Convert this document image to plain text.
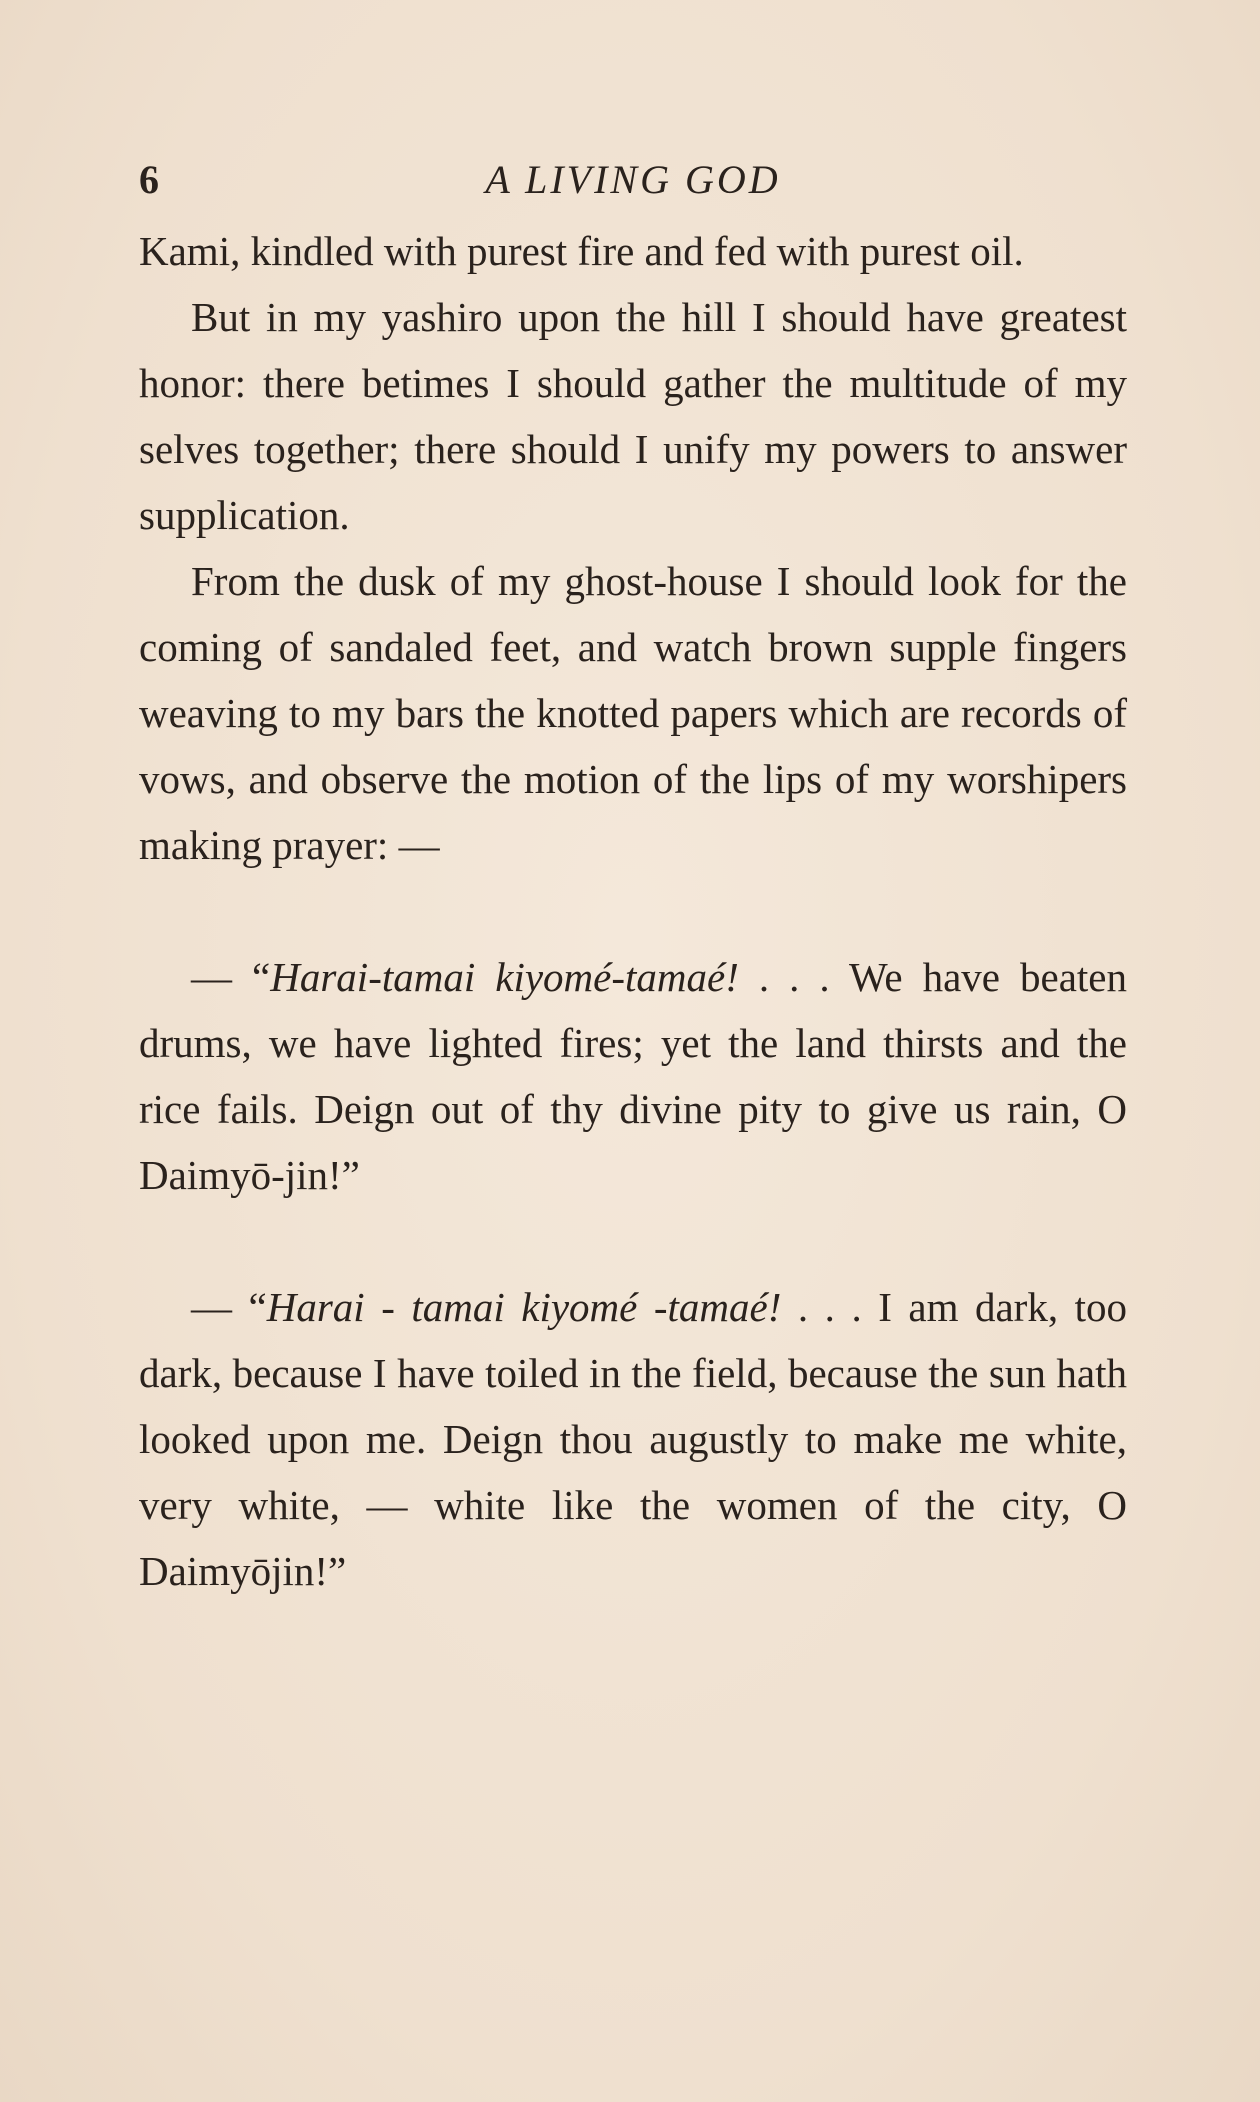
6	A LIVING GOD

Kami, kindled with purest fire and fed with purest oil.

But in my yashiro upon the hill I should have greatest honor: there betimes I should gather the multitude of my selves together; there should I unify my powers to answer supplication.

From the dusk of my ghost-house I should look for the coming of sandaled feet, and watch brown supple fingers weaving to my bars the knotted papers which are records of vows, and observe the motion of the lips of my worshipers making prayer: —

— “Harai-tamai kiyomé-tamaé! . . . We have beaten drums, we have lighted fires; yet the land thirsts and the rice fails. Deign out of thy divine pity to give us rain, O Daimyō-jin!”

— “Harai - tamai kiyomé -tamaé! . . . I am dark, too dark, because I have toiled in the field, because the sun hath looked upon me. Deign thou augustly to make me white, very white, — white like the women of the city, O Daimyōjin!”
